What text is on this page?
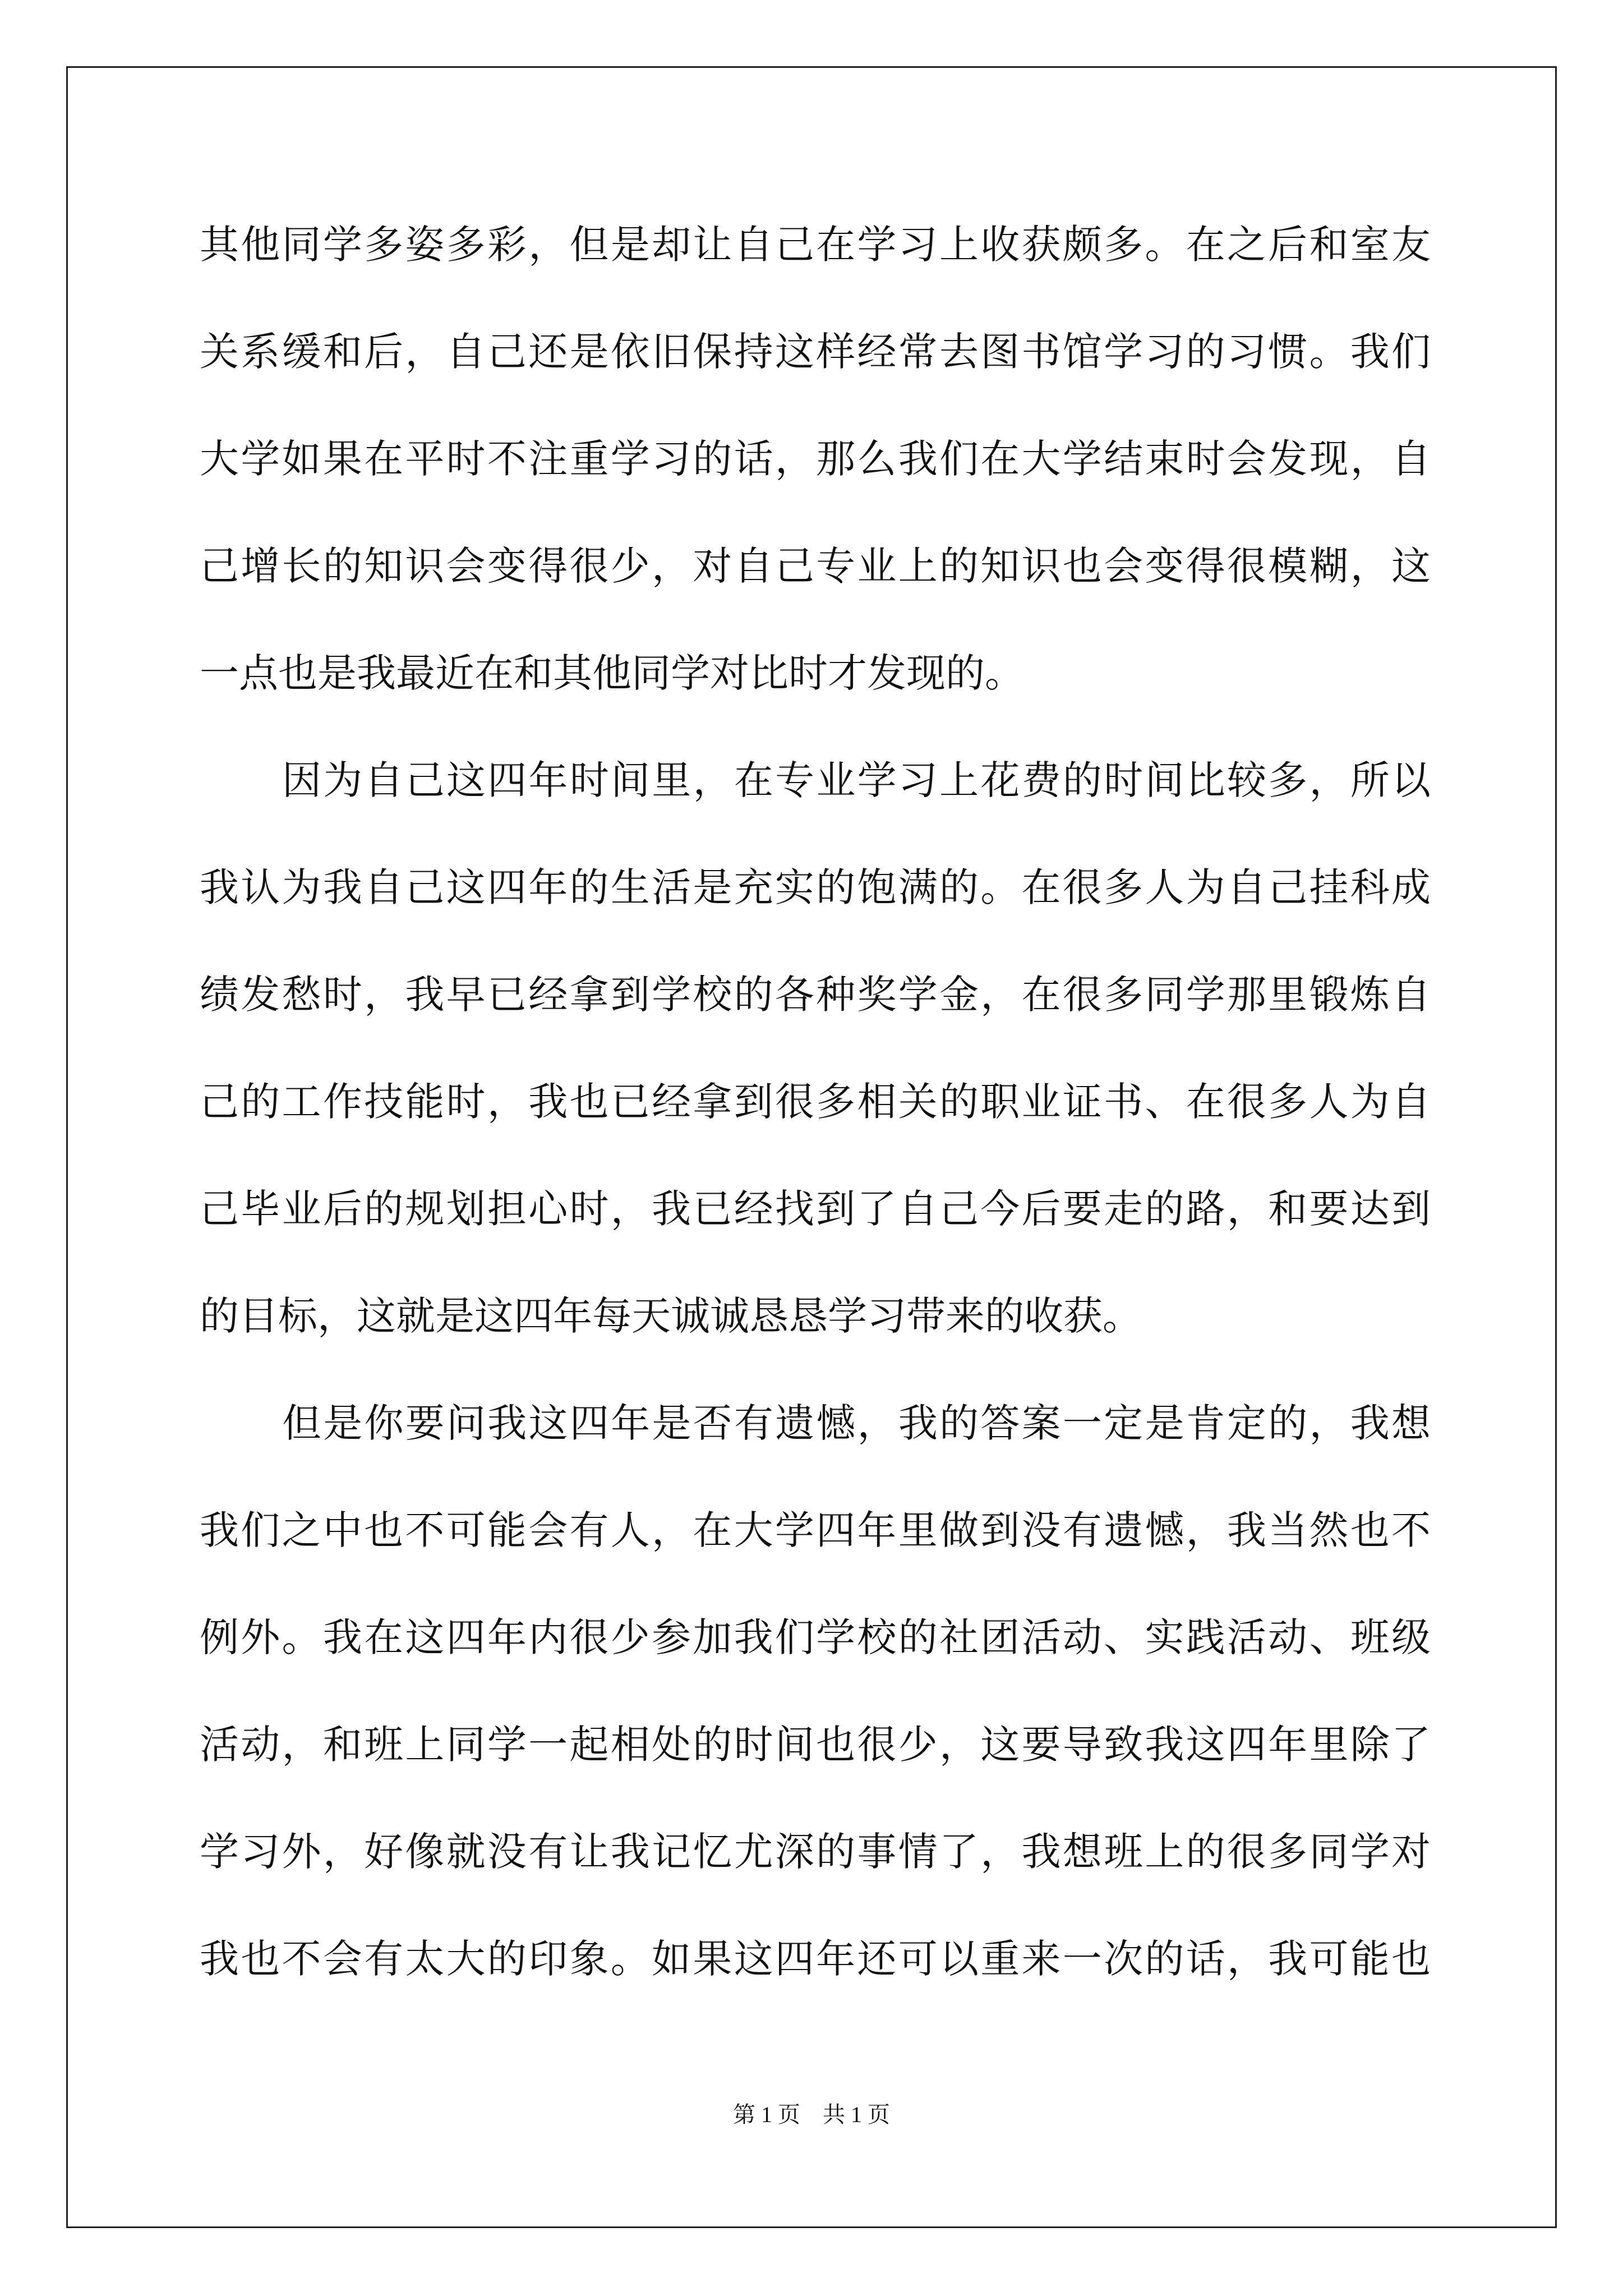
其他同学多姿多彩，但是却让自己在学习上收获颇多。在之后和室友
关系缓和后，自己还是依旧保持这样经常去图书馆学习的习惯。我们
大学如果在平时不注重学习的话，那么我们在大学结束时会发现，自
己增长的知识会变得很少，对自己专业上的知识也会变得很模糊，这
一点也是我最近在和其他同学对比时才发现的。
因为自己这四年时间里，在专业学习上花费的时间比较多，所以
我认为我自己这四年的生活是充实的饱满的。在很多人为自己挂科成
绩发愁时，我早已经拿到学校的各种奖学金，在很多同学那里锻炼自
己的工作技能时，我也已经拿到很多相关的职业证书、在很多人为自
己毕业后的规划担心时，我已经找到了自己今后要走的路，和要达到
的目标，这就是这四年每天诚诚恳恳学习带来的收获。
但是你要问我这四年是否有遗憾，我的答案一定是肯定的，我想
我们之中也不可能会有人，在大学四年里做到没有遗憾，我当然也不
例外。我在这四年内很少参加我们学校的社团活动、实践活动、班级
活动，和班上同学一起相处的时间也很少，这要导致我这四年里除了
学习外，好像就没有让我记忆尤深的事情了，我想班上的很多同学对
我也不会有太大的印象。如果这四年还可以重来一次的话，我可能也
第 1 页　共 1 页
